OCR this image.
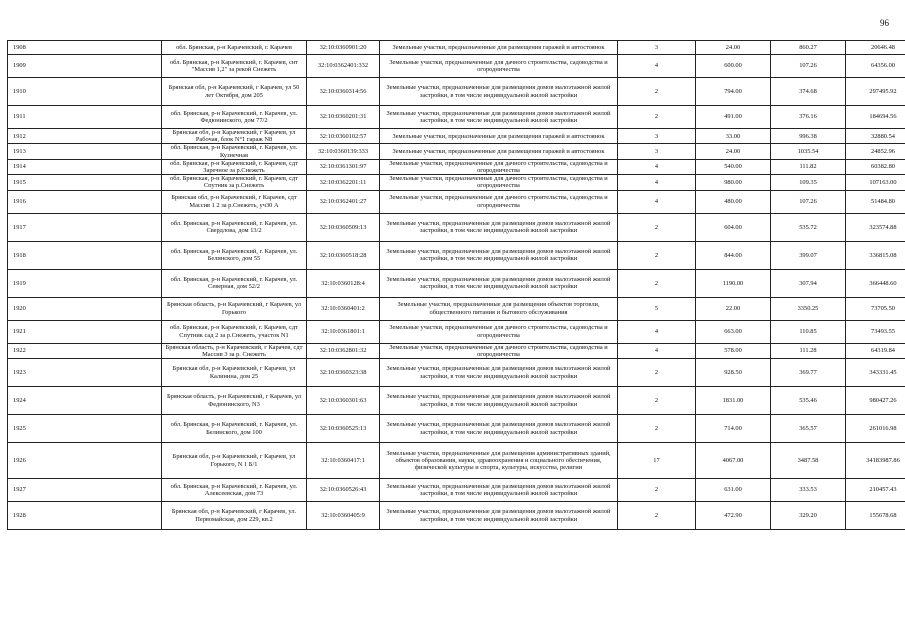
96
1908	обл. Брянская, р-н Карачевский, г. Карачев	32:10:0360901:20	Земельные участки, предназначенные для размещения гаражей и автостоянок	3	24.00	860.27	20646.48
1909	обл. Брянская, р-н Карачевский, г. Карачев, снт "Массив 1,2" за рекой Снежеть	32:10:0362401:332	Земельные участки, предназначенные для дачного строительства, садоводства и огородничества	4	600.00	107.26	64356.00
1910	Брянская обл, р-н Карачевский, г Карачев, ул 50 лет Октября, дом 205	32:10:0360314:56	Земельные участки, предназначенные для размещения домов малоэтажной жилой застройки, в том числе индивидуальной жилой застройки	2	794.00	374.68	297495.92
1911	обл. Брянская, р-н Карачевский, г. Карачев, ул. Федюнинского, дом 77/2	32:10:0360201:31	Земельные участки, предназначенные для размещения домов малоэтажной жилой застройки, в том числе индивидуальной жилой застройки	2	491.00	376.16	184694.56
1912	Брянская обл, р-н Карачевский, г Карачев, ул Рабочая, блок N°1 гараж N8	32:10:0360102:57	Земельные участки, предназначенные для размещения гаражей и автостоянок	3	33.00	996.38	32880.54
1913	обл. Брянская, р-н Карачевский, г. Карачев, ул. Кузнечная	32:10:0360139:333	Земельные участки, предназначенные для размещения гаражей и автостоянок	3	24.00	1035.54	24852.96
1914	обл. Брянская, р-н Карачевский, г. Карачев, сдт Заречное за р.Снежеть	32:10:0361301:97	Земельные участки, предназначенные для дачного строительства, садоводства и огородничества	4	540.00	111.82	60382.80
1915	обл. Брянская, р-н Карачевский, г. Карачев, сдт Спутник за р.Снежеть	32:10:0362201:11	Земельные участки, предназначенные для дачного строительства, садоводства и огородничества	4	980.00	109.35	107163.00
1916	Брянская обл, р-н Карачевский, г Карачев, сдт Массив 1 2 за р.Снежеть, уч30 А	32:10:0362401:27	Земельные участки, предназначенные для дачного строительства, садоводства и огородничества	4	480.00	107.26	51484.80
1917	обл. Брянская, р-н Карачевский, г. Карачев, ул. Свердлова, дом 13/2	32:10:0360509:13	Земельные участки, предназначенные для размещения домов малоэтажной жилой застройки, в том числе индивидуальной жилой застройки	2	604.00	535.72	323574.88
1918	обл. Брянская, р-н Карачевский, г. Карачев, ул. Белинского, дом 55	32:10:0360518:28	Земельные участки, предназначенные для размещения домов малоэтажной жилой застройки, в том числе индивидуальной жилой застройки	2	844.00	399.07	336815.08
1919	обл. Брянская, р-н Карачевский, г. Карачев, ул. Северная, дом 52/2	32:10:0360128:4	Земельные участки, предназначенные для размещения домов малоэтажной жилой застройки, в том числе индивидуальной жилой застройки	2	1190.00	307.94	366448.60
1920	Брянская область, р-н Карачевский, г Карачев, ул Горького	32:10:0360401:2	Земельные участки, предназначенные для размещения объектов торговли, общественного питания и бытового обслуживания	5	22.00	3350.25	73705.50
1921	обл. Брянская, р-н Карачевский, г. Карачев, сдт Спутник сад 2 за р.Снежеть, участок N1	32:10:0361801:1	Земельные участки, предназначенные для дачного строительства, садоводства и огородничества	4	663.00	110.85	73493.55
1922	Брянская область, р-н Карачевский, г Карачев, сдт Массив 3 за р. Снежеть	32:10:0362801:32	Земельные участки, предназначенные для дачного строительства, садоводства и огородничества	4	578.00	111.28	64319.84
1923	Брянская обл, р-н Карачевский, г Карачев, ул Калинина, дом 25	32:10:0360323:38	Земельные участки, предназначенные для размещения домов малоэтажной жилой застройки, в том числе индивидуальной жилой застройки	2	928.50	369.77	343331.45
1924	Брянская область, р-н Карачевский, г Карачев, ул Федюнинского, N3	32:10:0360301:63	Земельные участки, предназначенные для размещения домов малоэтажной жилой застройки, в том числе индивидуальной жилой застройки	2	1831.00	535.46	980427.26
1925	обл. Брянская, р-н Карачевский, г. Карачев, ул. Белинского, дом 100	32:10:0360525:13	Земельные участки, предназначенные для размещения домов малоэтажной жилой застройки, в том числе индивидуальной жилой застройки	2	714.00	365.57	261016.98
1926	Брянская обл, р-н Карачевский, г Карачев, ул Горького, N 1 Б/1	32:10:0360417:1	Земельные участки, предназначенные для размещения административных зданий, объектов образования, науки, здравоохранения и социального обеспечения, физической культуры и спорта, культуры, искусства, религии	17	4067.00	3487.58	34183987.86
1927	обл. Брянская, р-н Карачевский, г. Карачев, ул. Алексеевская, дом 73	32:10:0360526:43	Земельные участки, предназначенные для размещения домов малоэтажной жилой застройки, в том числе индивидуальной жилой застройки	2	631.00	333.53	210457.43
1928	Брянская обл, р-н Карачевский, г Карачев, ул. Первомайская, дом 229, кв.2	32:10:0360405:9	Земельные участки, предназначенные для размещения домов малоэтажной жилой застройки, в том числе индивидуальной жилой застройки	2	472.90	329.20	155678.68
